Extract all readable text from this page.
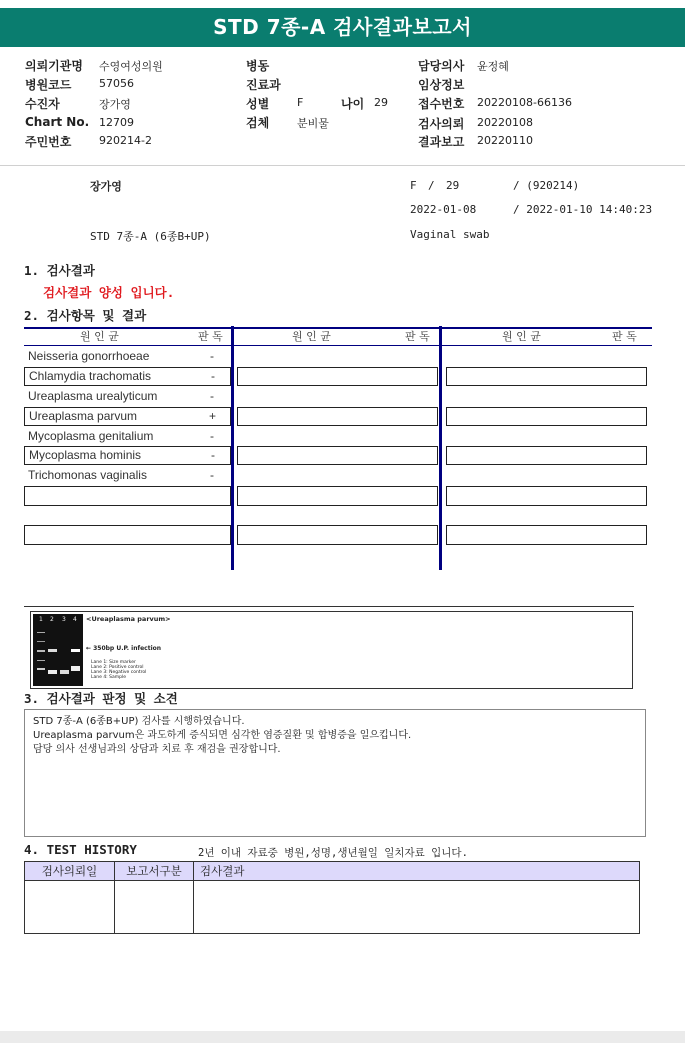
STD 7종-A 검사결과보고서
의뢰기관명 수영여성의원
병원코드	57056
수진자	장가영
Chart No. 12709
주민번호	920214-2
병동
진료과
성별	F	나이 29
검체	분비물
담당의사 윤정혜
임상정보
접수번호 20220108-66136
검사의뢰 20220108
결과보고 20220110
장가영	F / 29	/ (920214)
2022-01-08	/ 2022-01-10 14:40:23
STD 7종-A (6종B+UP)	Vaginal swab
1. 검사결과
검사결과 양성 입니다.
2. 검사항목 및 결과
원 인 균	판 독	원 인 균	판 독	원 인 균	판 독
Neisseria gonorrhoeae	-
Chlamydia trachomatis	-
Ureaplasma urealyticum	-
Ureaplasma parvum	+
Mycoplasma genitalium	-
Mycoplasma hominis	-
Trichomonas vaginalis	-
1 2 3 4 <Ureaplasma parvum>
← 350bp U.P. infection
Lane 1: Size marker
Lane 2: Positive control
Lane 3: Negative control
Lane 4: Sample
3. 검사결과 판정 및 소견
STD 7종-A (6종B+UP) 검사를 시행하였습니다.
Ureaplasma parvum은 과도하게 증식되면 심각한 염증질환 및 합병증을 일으킵니다.
담당 의사 선생님과의 상담과 치료 후 재검을 권장합니다.
4. TEST HISTORY	2년 이내 자료중 병원,성명,생년월일 일치자료 입니다.
검사의뢰일	보고서구분	검사결과
